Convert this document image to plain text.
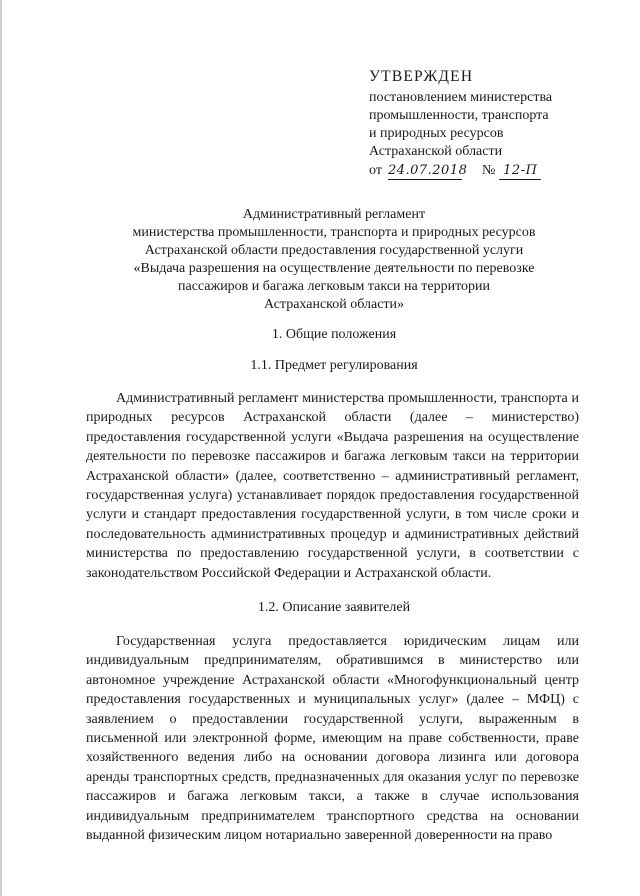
УТВЕРЖДЕН
постановлением министерства
промышленности, транспорта
и природных ресурсов
Астраханской области
от 24.07.2018 № 12-П
Административный регламент
министерства промышленности, транспорта и природных ресурсов
Астраханской области предоставления государственной услуги
«Выдача разрешения на осуществление деятельности по перевозке
пассажиров и багажа легковым такси на территории
Астраханской области»
1. Общие положения
1.1. Предмет регулирования
Административный регламент министерства промышленности, транспорта и природных ресурсов Астраханской области (далее – министерство) предоставления государственной услуги «Выдача разрешения на осуществление деятельности по перевозке пассажиров и багажа легковым такси на территории Астраханской области» (далее, соответственно – административный регламент, государственная услуга) устанавливает порядок предоставления государственной услуги и стандарт предоставления государственной услуги, в том числе сроки и последовательность административных процедур и административных действий министерства по предоставлению государственной услуги, в соответствии с законодательством Российской Федерации и Астраханской области.
1.2. Описание заявителей
Государственная услуга предоставляется юридическим лицам или индивидуальным предпринимателям, обратившимся в министерство или автономное учреждение Астраханской области «Многофункциональный центр предоставления государственных и муниципальных услуг» (далее – МФЦ) с заявлением о предоставлении государственной услуги, выраженным в письменной или электронной форме, имеющим на праве собственности, праве хозяйственного ведения либо на основании договора лизинга или договора аренды транспортных средств, предназначенных для оказания услуг по перевозке пассажиров и багажа легковым такси, а также в случае использования индивидуальным предпринимателем транспортного средства на основании выданной физическим лицом нотариально заверенной доверенности на право
